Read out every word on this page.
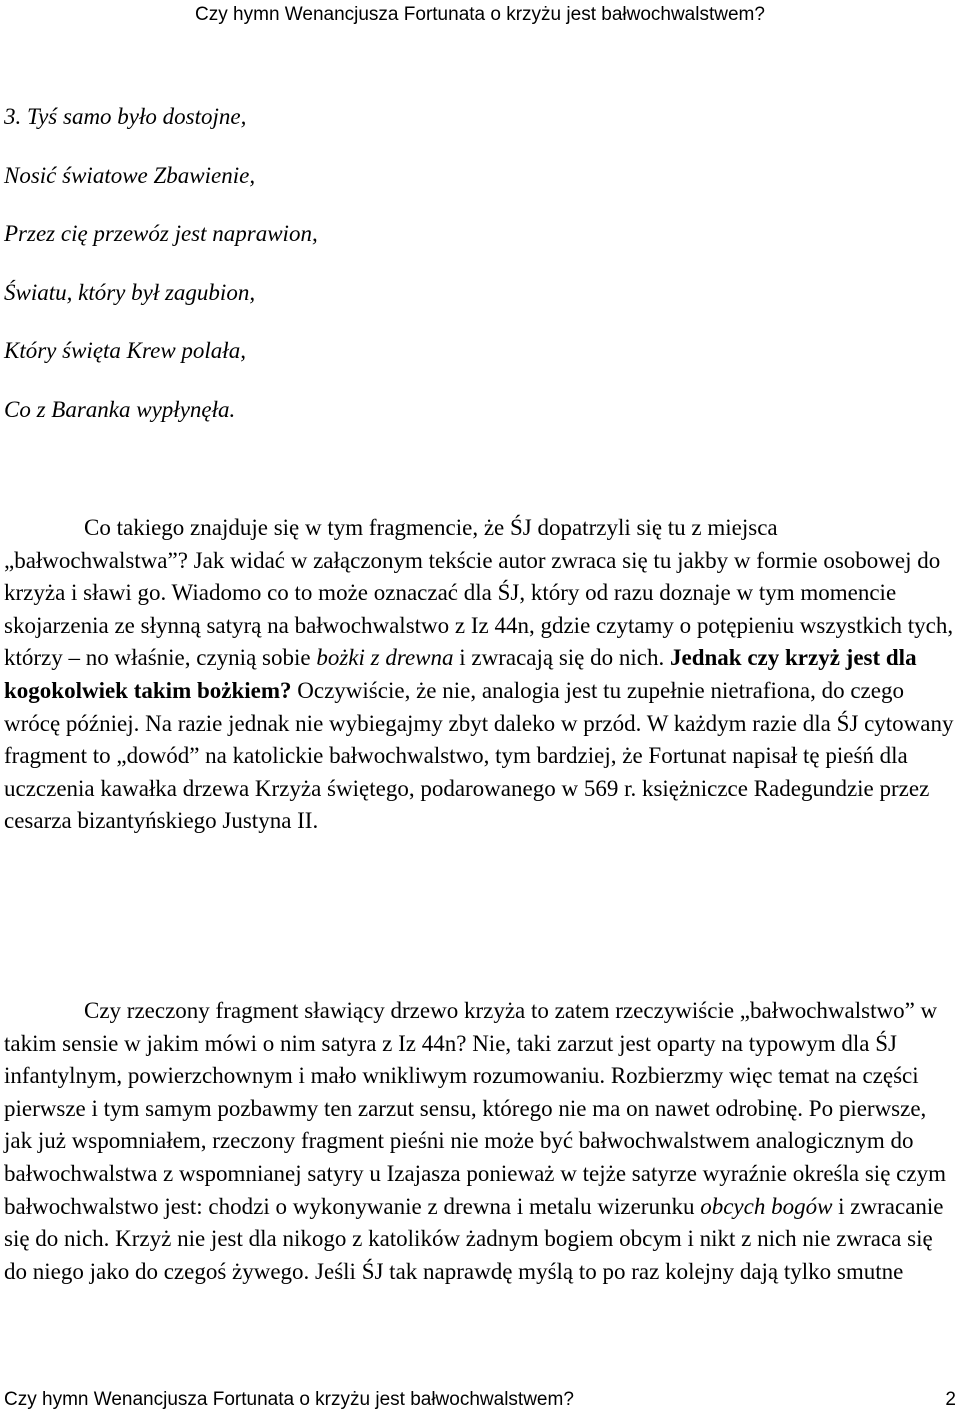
Czy hymn Wenancjusza Fortunata o krzyżu jest bałwochwalstwem?
3. Tyś samo było dostojne,
Nosić światowe Zbawienie,
Przez cię przewóz jest naprawion,
Światu, który był zagubion,
Który święta Krew polała,
Co z Baranka wypłynęła.

Co takiego znajduje się w tym fragmencie, że ŚJ dopatrzyli się tu z miejsca „bałwochwalstwa”? Jak widać w załączonym tekście autor zwraca się tu jakby w formie osobowej do krzyża i sławi go. Wiadomo co to może oznaczać dla ŚJ, który od razu doznaje w tym momencie skojarzenia ze słynną satyrą na bałwochwalstwo z Iz 44n, gdzie czytamy o potępieniu wszystkich tych, którzy – no właśnie, czynią sobie bożki z drewna i zwracają się do nich. Jednak czy krzyż jest dla kogokolwiek takim bożkiem? Oczywiście, że nie, analogia jest tu zupełnie nietrafiona, do czego wrócę później. Na razie jednak nie wybiegajmy zbyt daleko w przód. W każdym razie dla ŚJ cytowany fragment to „dowód” na katolickie bałwochwalstwo, tym bardziej, że Fortunat napisał tę pieśń dla uczczenia kawałka drzewa Krzyża świętego, podarowanego w 569 r. księżniczce Radegundzie przez cesarza bizantyńskiego Justyna II.

Czy rzeczony fragment sławiący drzewo krzyża to zatem rzeczywiście „bałwochwalstwo” w takim sensie w jakim mówi o nim satyra z Iz 44n? Nie, taki zarzut jest oparty na typowym dla ŚJ infantylnym, powierzchownym i mało wnikliwym rozumowaniu. Rozbierzmy więc temat na części pierwsze i tym samym pozbawmy ten zarzut sensu, którego nie ma on nawet odrobinę. Po pierwsze, jak już wspomniałem, rzeczony fragment pieśni nie może być bałwochwalstwem analogicznym do bałwochwalstwa z wspomnianej satyry u Izajasza ponieważ w tejże satyrze wyraźnie określa się czym bałwochwalstwo jest: chodzi o wykonywanie z drewna i metalu wizerunku obcych bogów i zwracanie się do nich. Krzyż nie jest dla nikogo z katolików żadnym bogiem obcym i nikt z nich nie zwraca się do niego jako do czegoś żywego. Jeśli ŚJ tak naprawdę myślą to po raz kolejny dają tylko smutne

Czy hymn Wenancjusza Fortunata o krzyżu jest bałwochwalstwem?	2
